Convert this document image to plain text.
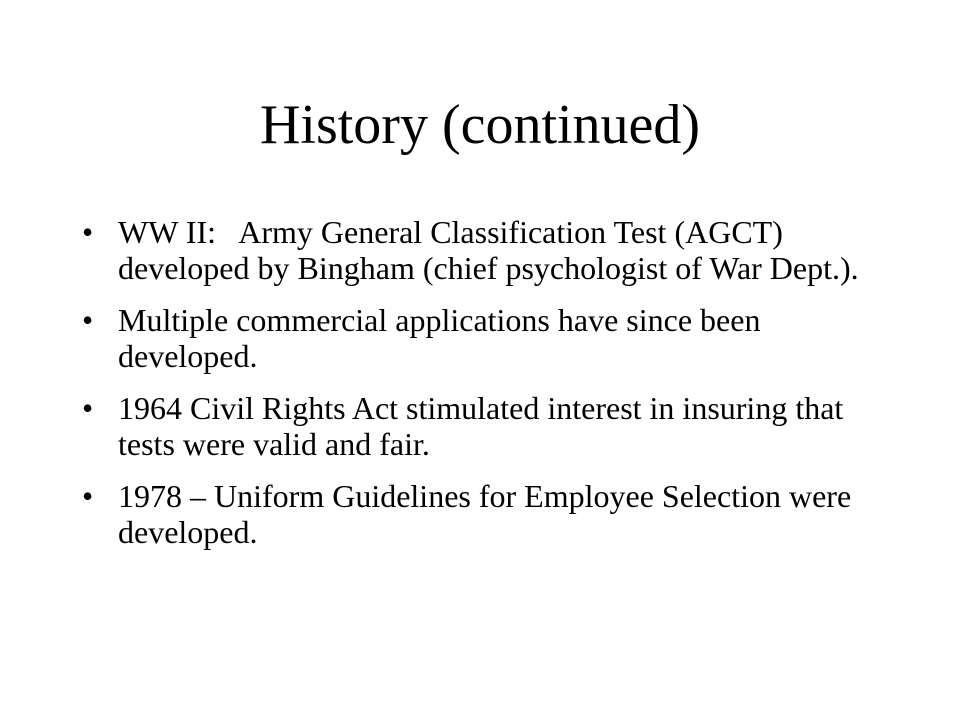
History (continued)
• WW II:   Army General Classification Test (AGCT) developed by Bingham (chief psychologist of War Dept.).
• Multiple commercial applications have since been developed.
• 1964 Civil Rights Act stimulated interest in insuring that tests were valid and fair.
• 1978 – Uniform Guidelines for Employee Selection were developed.
